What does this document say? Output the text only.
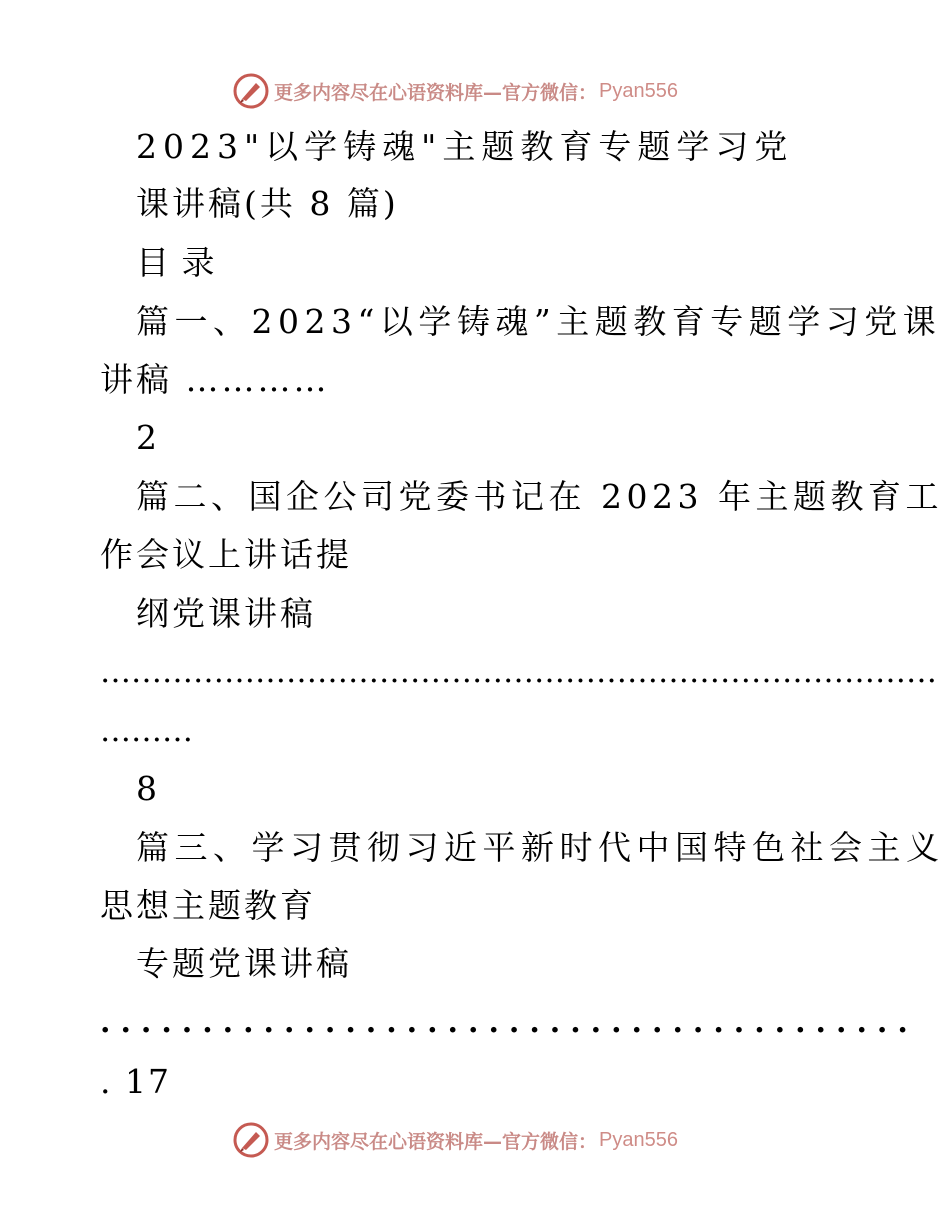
更多内容尽在心语资料库—官方微信： Pyan556
2023"以学铸魂"主题教育专题学习党
课讲稿(共 8 篇)
目 录
篇一、2023“以学铸魂”主题教育专题学习党课
讲稿 …………
2
篇二、国企公司党委书记在 2023 年主题教育工
作会议上讲话提
纲党课讲稿
………………………………………………………………………
………
8
篇三、学习贯彻习近平新时代中国特色社会主义
思想主题教育
专题党课讲稿
........................................
. 17
更多内容尽在心语资料库—官方微信： Pyan556
